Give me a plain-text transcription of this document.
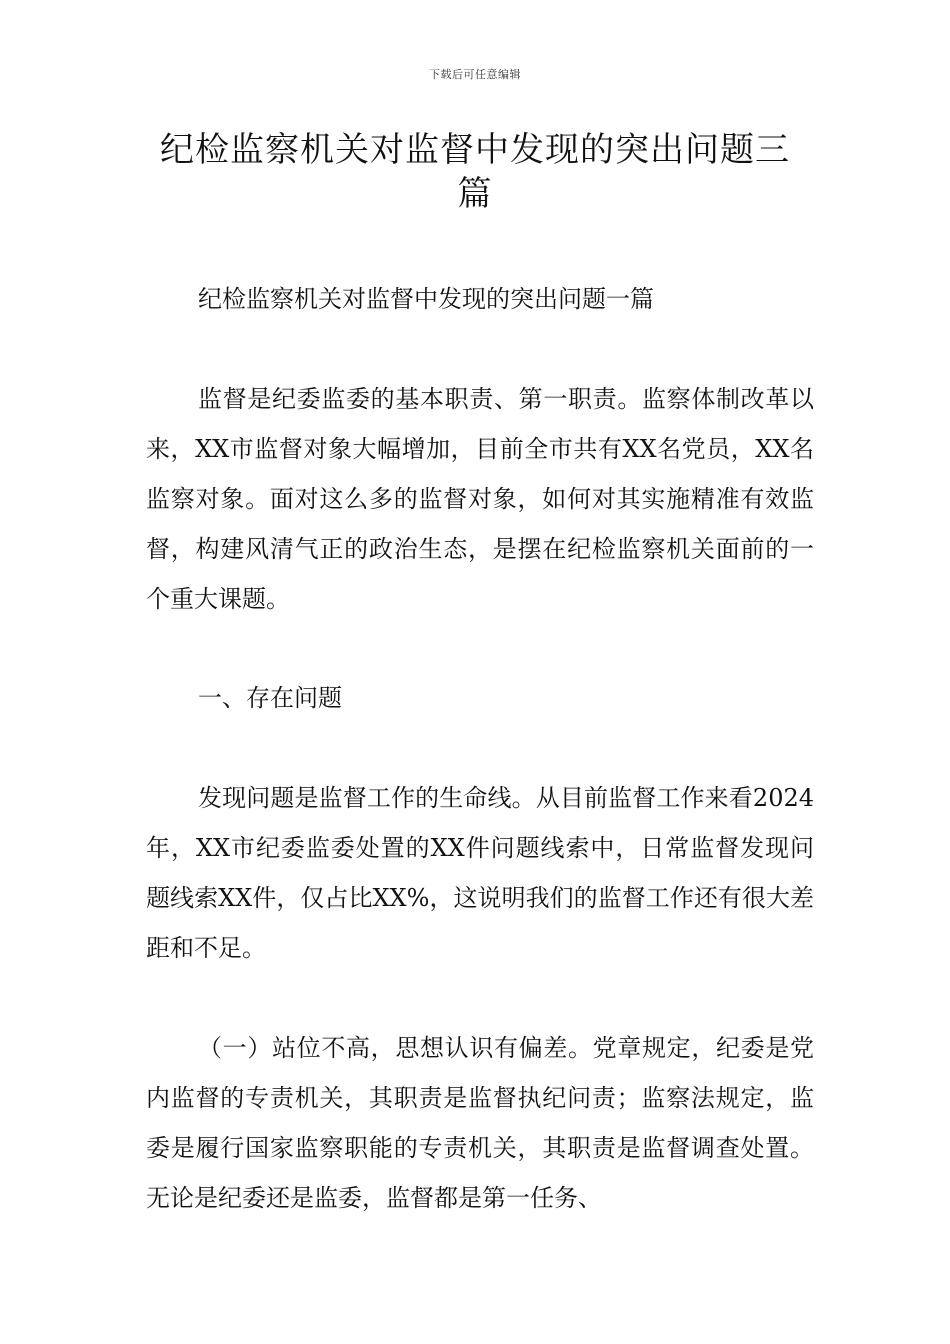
下载后可任意编辑
纪检监察机关对监督中发现的突出问题三篇

纪检监察机关对监督中发现的突出问题一篇

监督是纪委监委的基本职责、第一职责。监察体制改革以来，XX市监督对象大幅增加，目前全市共有XX名党员，XX名监察对象。面对这么多的监督对象，如何对其实施精准有效监督，构建风清气正的政治生态，是摆在纪检监察机关面前的一个重大课题。

一、存在问题

发现问题是监督工作的生命线。从目前监督工作来看2024年，XX市纪委监委处置的XX件问题线索中，日常监督发现问题线索XX件，仅占比XX%，这说明我们的监督工作还有很大差距和不足。

（一）站位不高，思想认识有偏差。党章规定，纪委是党内监督的专责机关，其职责是监督执纪问责；监察法规定，监委是履行国家监察职能的专责机关，其职责是监督调查处置。无论是纪委还是监委，监督都是第一任务、
